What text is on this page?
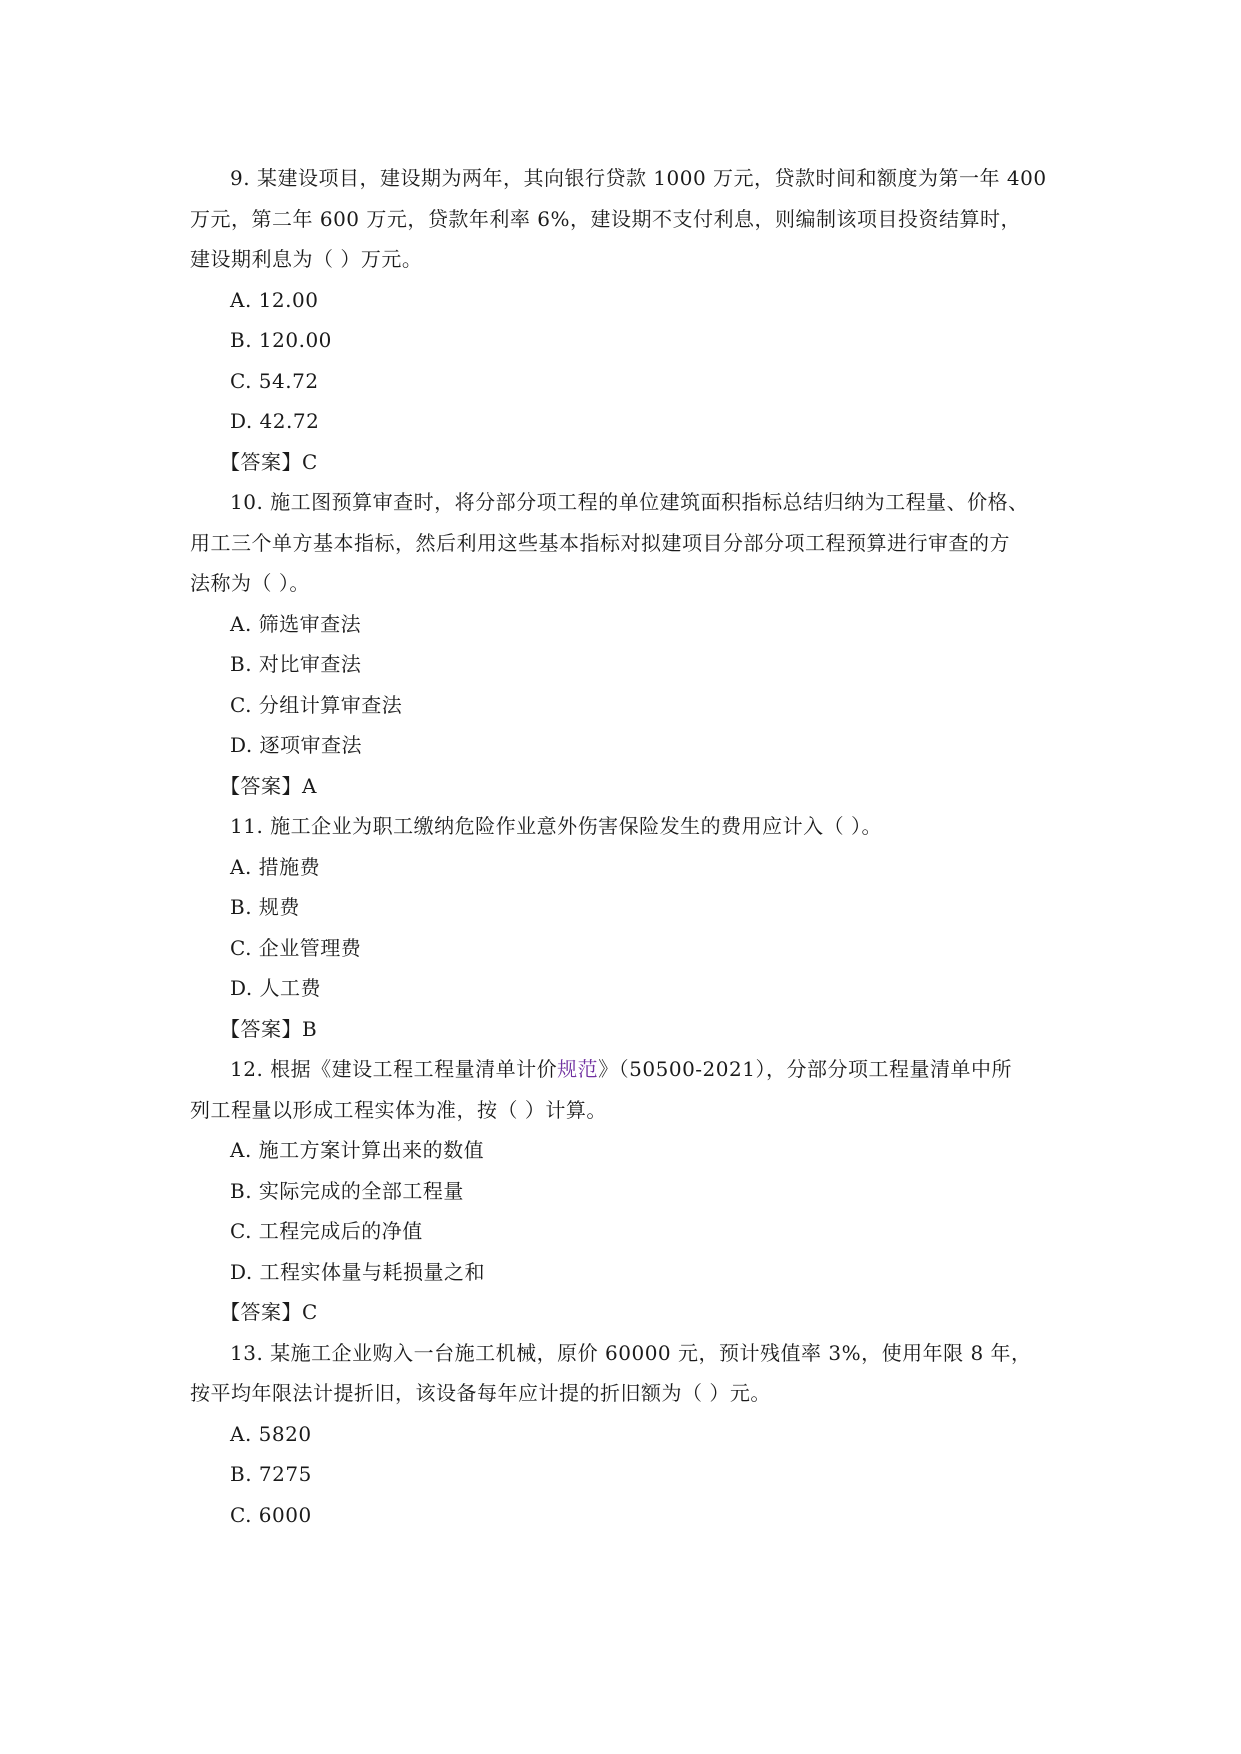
9. 某建设项目，建设期为两年，其向银行贷款 1000 万元，贷款时间和额度为第一年 400
万元，第二年 600 万元，贷款年利率 6%，建设期不支付利息，则编制该项目投资结算时，
建设期利息为（ ）万元。
A. 12.00
B. 120.00
C. 54.72
D. 42.72
【答案】C
10. 施工图预算审查时，将分部分项工程的单位建筑面积指标总结归纳为工程量、价格、
用工三个单方基本指标，然后利用这些基本指标对拟建项目分部分项工程预算进行审查的方
法称为（ ）。
A. 筛选审查法
B. 对比审查法
C. 分组计算审查法
D. 逐项审查法
【答案】A
11. 施工企业为职工缴纳危险作业意外伤害保险发生的费用应计入（ ）。
A. 措施费
B. 规费
C. 企业管理费
D. 人工费
【答案】B
12. 根据《建设工程工程量清单计价规范》（50500-2021），分部分项工程量清单中所
列工程量以形成工程实体为准，按（ ）计算。
A. 施工方案计算出来的数值
B. 实际完成的全部工程量
C. 工程完成后的净值
D. 工程实体量与耗损量之和
【答案】C
13. 某施工企业购入一台施工机械，原价 60000 元，预计残值率 3%，使用年限 8 年，
按平均年限法计提折旧，该设备每年应计提的折旧额为（ ）元。
A. 5820
B. 7275
C. 6000
